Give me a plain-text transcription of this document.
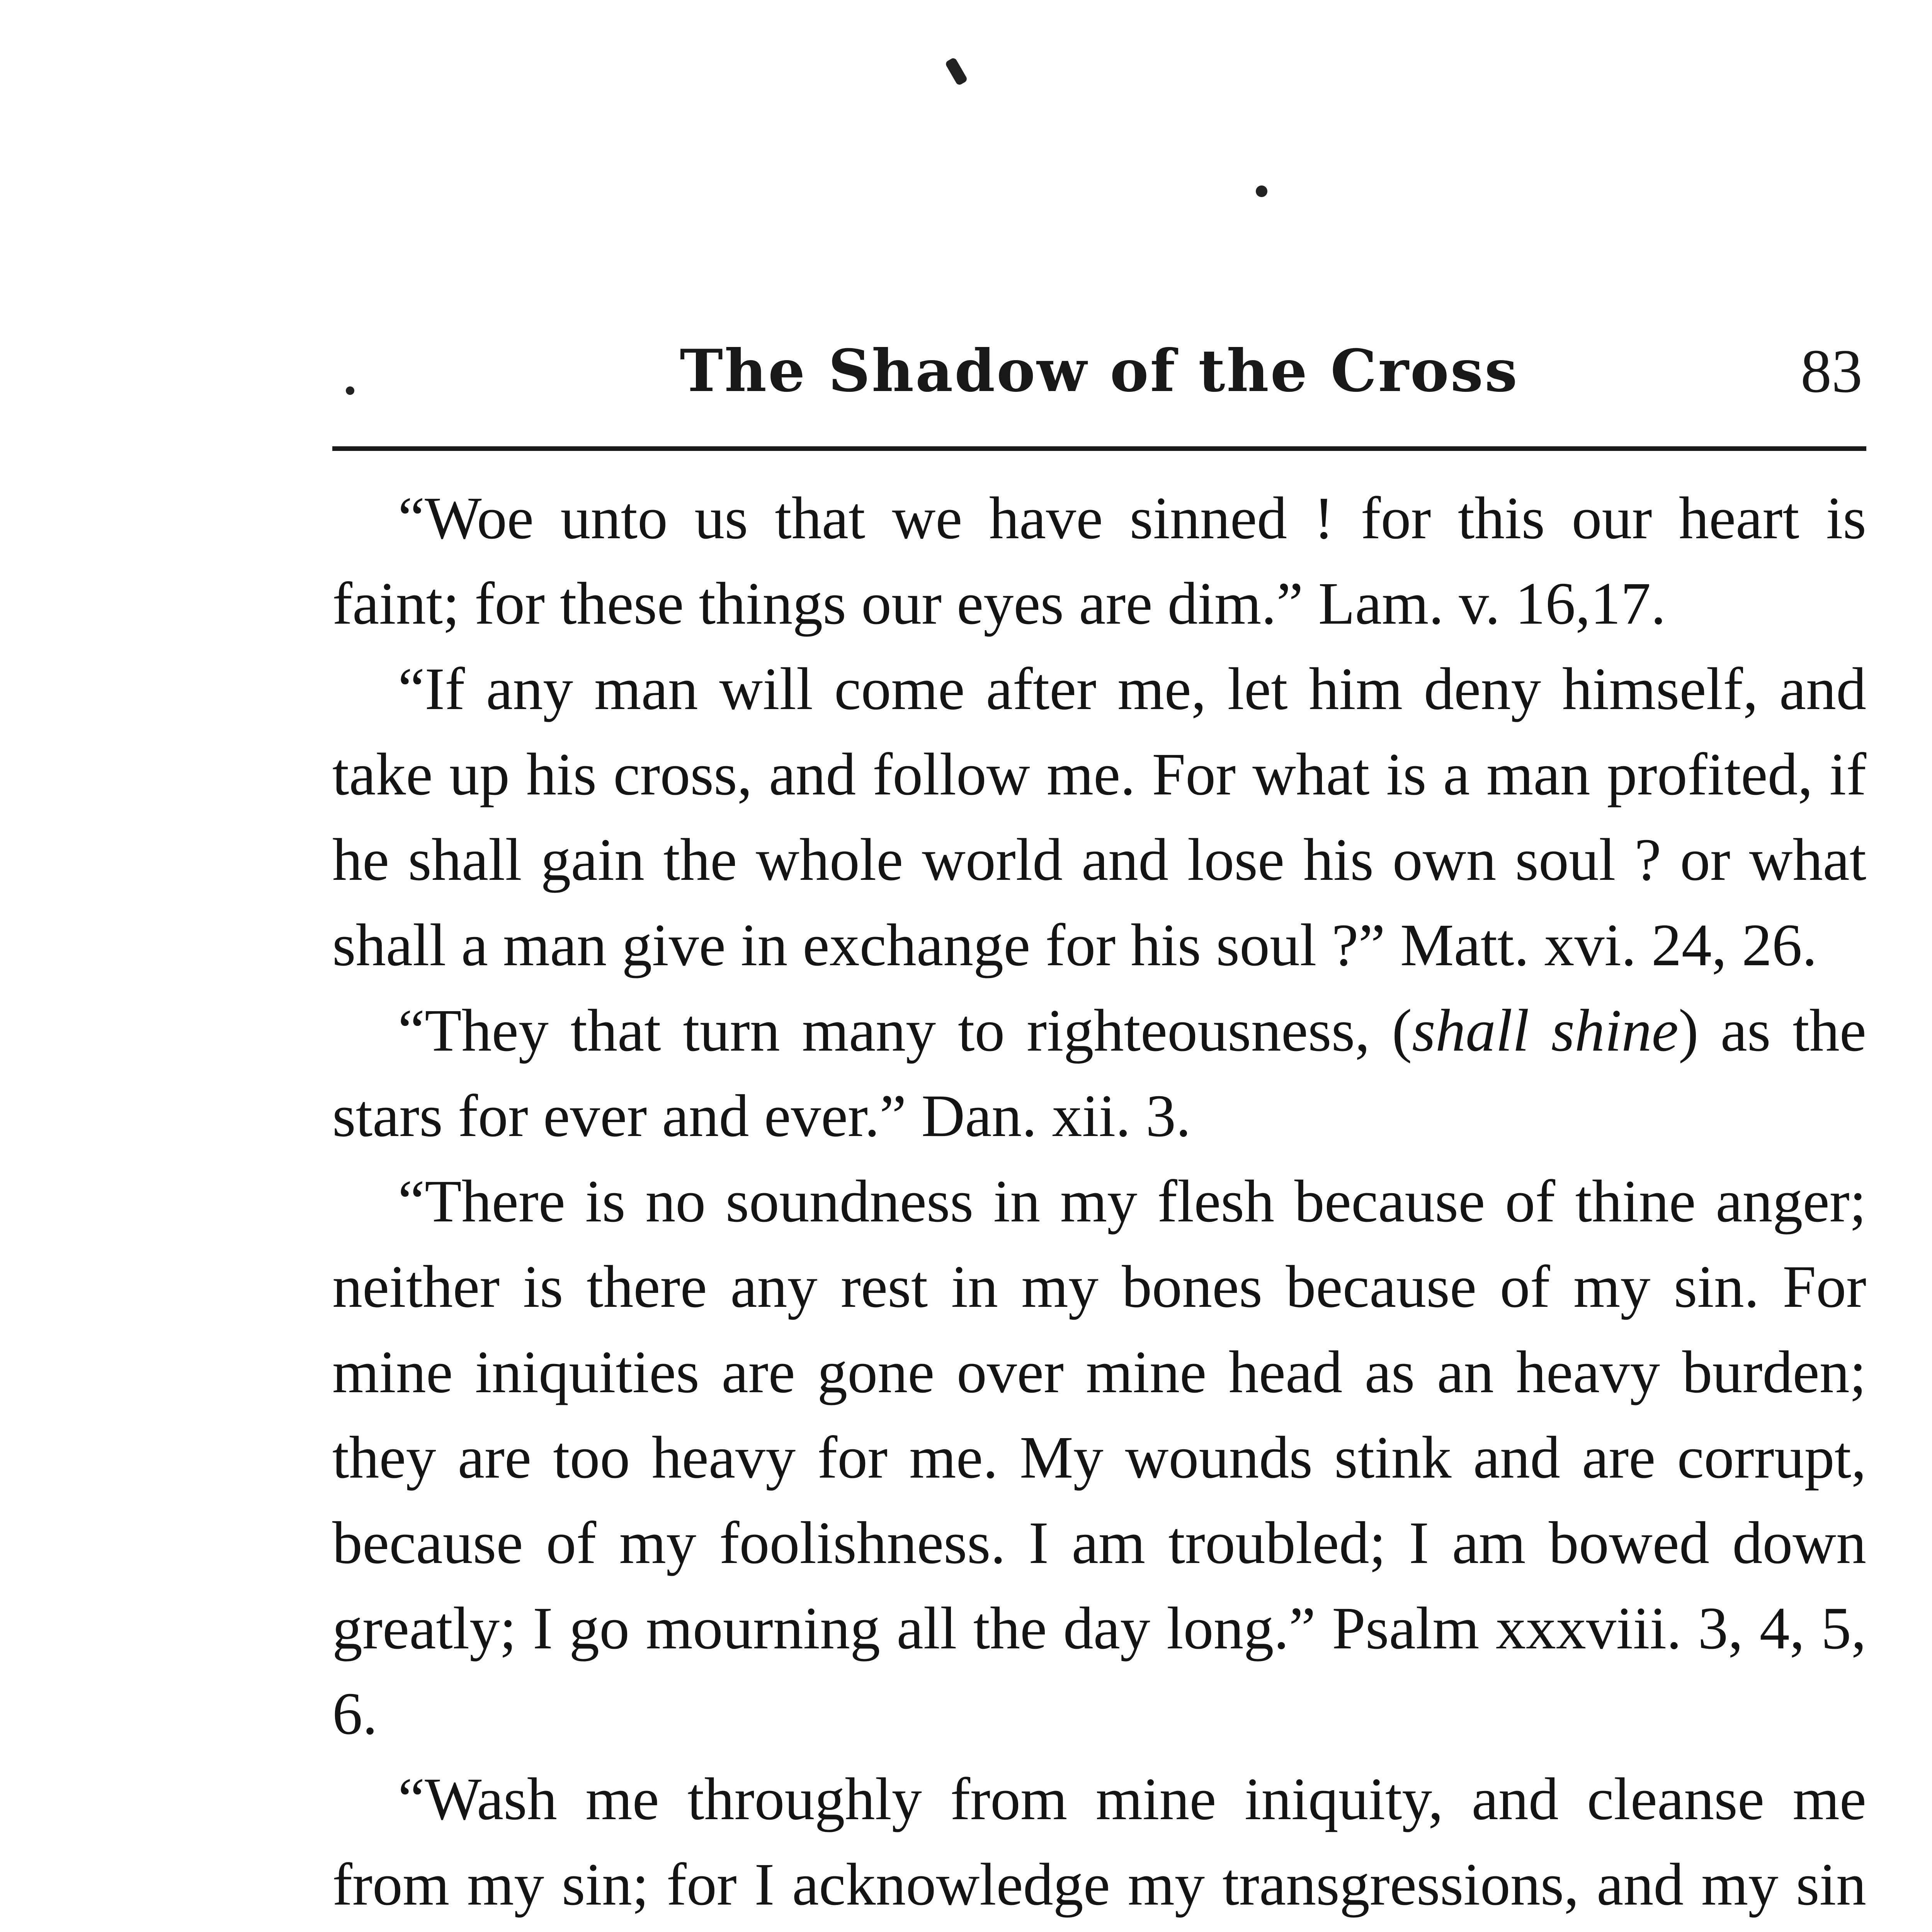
The Shadow of the Cross	83

“Woe unto us that we have sinned ! for this our heart is faint; for these things our eyes are dim.” Lam. v. 16,17.

“If any man will come after me, let him deny himself, and take up his cross, and follow me. For what is a man profited, if he shall gain the whole world and lose his own soul ? or what shall a man give in exchange for his soul ?” Matt. xvi. 24, 26.

“They that turn many to righteousness, (shall shine) as the stars for ever and ever.” Dan. xii. 3.

“There is no soundness in my flesh because of thine anger; neither is there any rest in my bones because of my sin. For mine iniquities are gone over mine head as an heavy burden; they are too heavy for me. My wounds stink and are corrupt, because of my foolishness. I am troubled; I am bowed down greatly; I go mourning all the day long.” Psalm xxxviii. 3, 4, 5, 6.

“Wash me throughly from mine iniquity, and cleanse me from my sin; for I acknowledge my transgressions, and my sin
